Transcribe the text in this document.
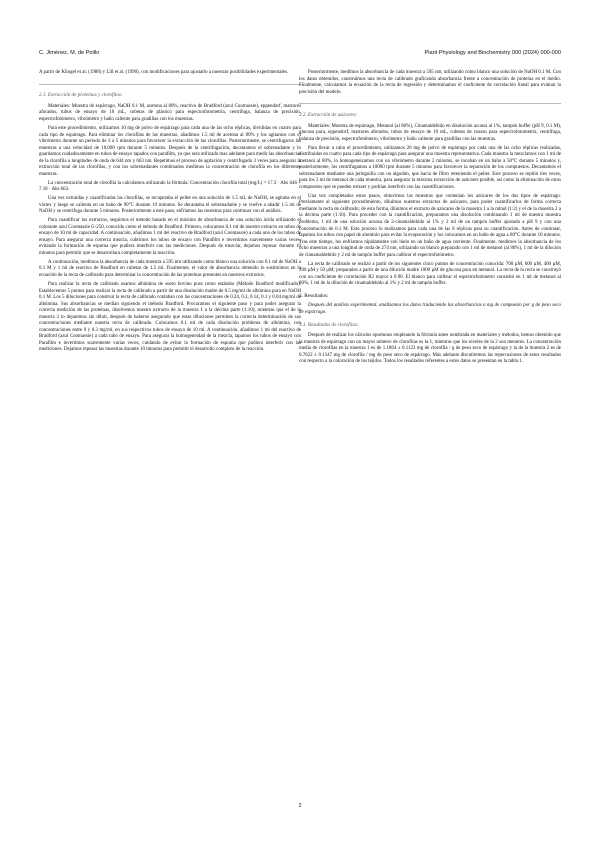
C. Jiménez, M. de Poillo	Plant Physiology and Biochemistry 000 (2024) 000-000

A partir de Klingel et al. (1988) y Lill et al. (1990), con modificaciones para ajustarlo a nuestras posibilidades experimentales.

2.1. Extracción de proteínas y clorofilas:

Materiales: Muestra de espárrago, NaOH 0.1 M, acetona al 80%, reactivo de Bradford (azul Coomassie), eppendorf, matraces aforados, tubos de ensayo de 10 mL, cubetas de plástico para espectrofotometría, centrífuga, balanza de precisión, espectrofotómetro, vibrómetro y baño caliente para gradillas con los muestras.

Para este procedimiento, utilizamos 10 mg de polvo de espárrago para cada una de las ocho réplicas, divididas en cuatro para cada tipo de espárrago. Para eliminar los clorofilas de las muestras, añadimos 1.5 ml de acetona al 80% y los agitamos con el vibrómetro durante un periodo de 3 a 5 minutos para favorecer la extracción de las clorofilas. Posteriormente, se centrifugaron las muestras a una velocidad de 10,000 rpm durante 5 minutos. Después de la centrifugación, decantamos el sobrenadante y lo guardamos cuidadosamente en tubos de ensayo tapados con parafilm, ya que sera utilizado mas adelante para medir las absorbancias de la clorofila a longitudes de onda de 644 nm y 663 nm. Repetimos el proceso de agitación y centrifugado 3 veces para asegurar la extracción total de las clorofilas, y con los sobrenadantes combinados medimos la concentración de clorofila en los diferentes muestras.

La concentración total de clorofila la calculamos utilizando la fórmula: Concentración clorofila total (mg/L) = 17.3 · Abs 646 + 7.18 · Abs 663.

Una vez extraídas y cuantificadas las clorofilas, se recuperaba el pellet en una solución de 1.5 mL de NaOH, se agitaba en el vórtex y luego se calienta en un baño de 90°C durante 10 minutos. Se decantaba el sobrenadante y se vuelve a añadir 1.5 ml de NaOH y se centrifuga durante 5 minutos. Posteriormente a este paso, enfriamos las muestras para continuar con el análisis.

Para cuantificar los extractos, seguimos el método basado en el máximo de absorbancia de una solución ácida utilizando el colorante azul Coomassie G-250, conocido como el método de Bradford. Primero, colocamos 0.1 ml de nuestro extracto en tubos de ensayo de 10 ml de capacidad. A continuación, añadimos 1 ml del reactivo de Bradford (azul Coomassie) a cada uno de los tubos de ensayo. Para asegurar una correcta mezcla, cubrimos los tubos de ensayo con Parafilm e invertimos suavemente varias veces, evitando la formación de espuma que pudiera interferir con las mediciones. Después de mezclar, dejamos reposar durante 10 minutos para permitir que se desarrollara completamente la reacción.

A continuación, medimos la absorbancia de cada muestra a 595 nm utilizando como blanco una solución con 0.1 ml de NaOH a 0.1 M y 1 ml de reactivo de Bradford en cubetas de 1.5 ml. Finalmente, el valor de absorbancia obtenido lo sustituimos en la ecuación de la recta de calibrado para determinar la concentración de las proteínas presentes en nuestros extractos.

Para realizar la recta de calibrado usamos albúmina de suero bovino pura como estándar (Método Bradford modificado). Establecemos 5 puntos para realizar la recta de calibrado a partir de una disolución madre de 0.5 mg/ml de albúmina pura en NaOH 0.1 M. Los 5 diluciones para construir la recta de calibrado contaban con las concentraciones de 0.24, 0.2, 0.14, 0.1 y 0.04 mg/ml de albúmina. Sus absorbancias se medían siguiendo el método Bradford. Procuramos el siguiente paso y para poder asegurar la correcta medición de las proteínas, disolvemos nuestro extracto de la muestra 1 a la décima parte (1:10), mientras que el de la muestra 2 lo dejaremos sin diluir, después de haberse asegurado que estas diluciones permiten la correcta determinación de sus concentraciones mediante nuestra recta de calibrado. Colocamos 0.1 ml de cada disolución problema de albúmina, con concentraciones entre 0 y 0.3 mg/ml, en sus respectivos tubos de ensayo de 10 ml. A continuación, añadimos 1 ml del reactivo de Bradford (azul Coomassie) a cada tubo de ensayo. Para asegurar la homogeneidad de la mezcla, tapamos los tubos de ensayo con Parafilm e invertimos suavemente varias veces, cuidando de evitar la formación de espuma que pudiera interferir con las mediciones. Dejamos reposar las muestras durante 10 minutos para permitir el desarrollo completo de la reacción.

Posteriormente, medimos la absorbancia de cada muestra a 595 nm, utilizando como blanco una solución de NaOH 0.1 M. Con los datos obtenidos, construimos una recta de calibrado graficando absorbancia frente a concentración de proteína en el medio. Finalmente, calculamos la ecuación de la recta de regresión y determinamos el coeficiente de correlación lineal para evaluar la precisión del modelo.

2.2. Extracción de azúcares:

Materiales: Muestra de espárrago, Metanol (al 80%), Cinamaldehído en disolución acuosa al 1%, tampón buffer (pH 9, 0.1 M), glucosa pura, eppendorf, matraces aforados, tubos de ensayo de 10 mL, cubetas de cuarzo para espectrofotometría, centrífuga, balanza de precisión, espectrofotómetro, vibrómetro y baño caliente para gradillas con las muestras.

Para llevar a cabo el procedimiento, utilizamos 20 mg de polvo de espárrago por cada una de las ocho réplicas realizadas, distribuidas en cuatro para cada tipo de espárrago para asegurar una muestra representativa. Cada muestra la mezclamos con 1 ml de metanol al 80%, lo homogeneizamos con un vibrómetro durante 2 minutos, se incuban en un baño a 50°C durante 5 minutos y, posteriormente, los centrifugamos a 10000 rpm durante 5 minutos para favorecer la separación de los compuestos. Decantamos el sobrenadante mediante una jeringuilla con un algodón, que hacía de filtro reteniendo el pellet. Este proceso se repitió tres veces, para los 3 ml de metanol de cada muestra, para asegurar la máxima extracción de azúcares posible, así como la eliminación de otros compuestos que se pueden extraer y podrían interferir con las cuantificaciones.

Una vez completados estos pasos, obtuvimos las muestras que contenían los azúcares de los dos tipos de espárrago. Previamente al siguiente procedimiento, diluimos nuestros extractos de azúcares, para poder cuantificarlos de forma correcta mediante la recta de calibrado; de esta forma, diluimos el extracto de azúcares de la muestra 1 a la mitad (1:2) y el de la muestra 2 a la décima parte (1:10). Para proceder con la cuantificación, preparamos una disolución combinando 1 ml de nuestra muestra problema, 1 ml de una solución acuosa de 2-cinamaldehído al 1% y 2 ml de un tampón buffer ajustado a pH 9 y con una concentración de 0.1 M. Esto proceso lo realizamos para cada una de las 8 réplicas para su cuantificación. Antes de continuar, tapamos los tubos con papel de aluminio para evitar la evaporación y los colocamos en un baño de agua a 80°C durante 10 minutos. Tras este tiempo, los enfriamos rápidamente con hielo en un baño de agua corriente. Finalmente, medimos la absorbancia de los ocho muestras a una longitud de onda de 274 nm, utilizando un blanco preparado con 1 ml de metanol (al 80%), 1 ml de la dilución de cinnamaldehído y 2 ml de tampón buffer para calibrar el espectrofotómetro.

La recta de calibrado se realizó a partir de los siguientes cinco puntos de concentración conocida: 700 µM, 600 µM, 400 µM, 200 µM y 50 µM; preparados a partir de una dilución madre 1000 µM de glucosa pura en metanol. La recta de la recta se construyó con un coeficiente de correlación R2 mayor a 0.90. El blanco para calibrar el espectrofotómetro consistió en 1 ml de metanol al 80%, 1 ml de la dilución de cinamaldehído al 1% y 2 ml de tampón buffer.

3. Resultados:

Después del análisis experimental, analizamos los datos traduciendo las absorbancias a mg de compuesto por g de peso seco de espárrago.

3.1. Resultados de clorofilas:

Después de realizar los cálculos oportunos empleando la fórmula antes nombrada en materiales y métodos, hemos obtenido que la muestra de espárrago con un mayor número de clorofilas es la 1, mientras que los niveles de la 2 son menores. La concentración media de clorofilas en la muestra 1 es de 1.1864 ± 0.1123 mg de clorofila / g de peso seco de espárrago y la de la muestra 2 es de 0.7622 ± 0.1347 mg de clorofila / mg de peso seco de espárrago. Más adelante discutiremos las repercusiones de estos resultados con respecto a la coloración de los tejidos. Todos los resultados referentes a estos datos se presentan en la tabla 1.

2
